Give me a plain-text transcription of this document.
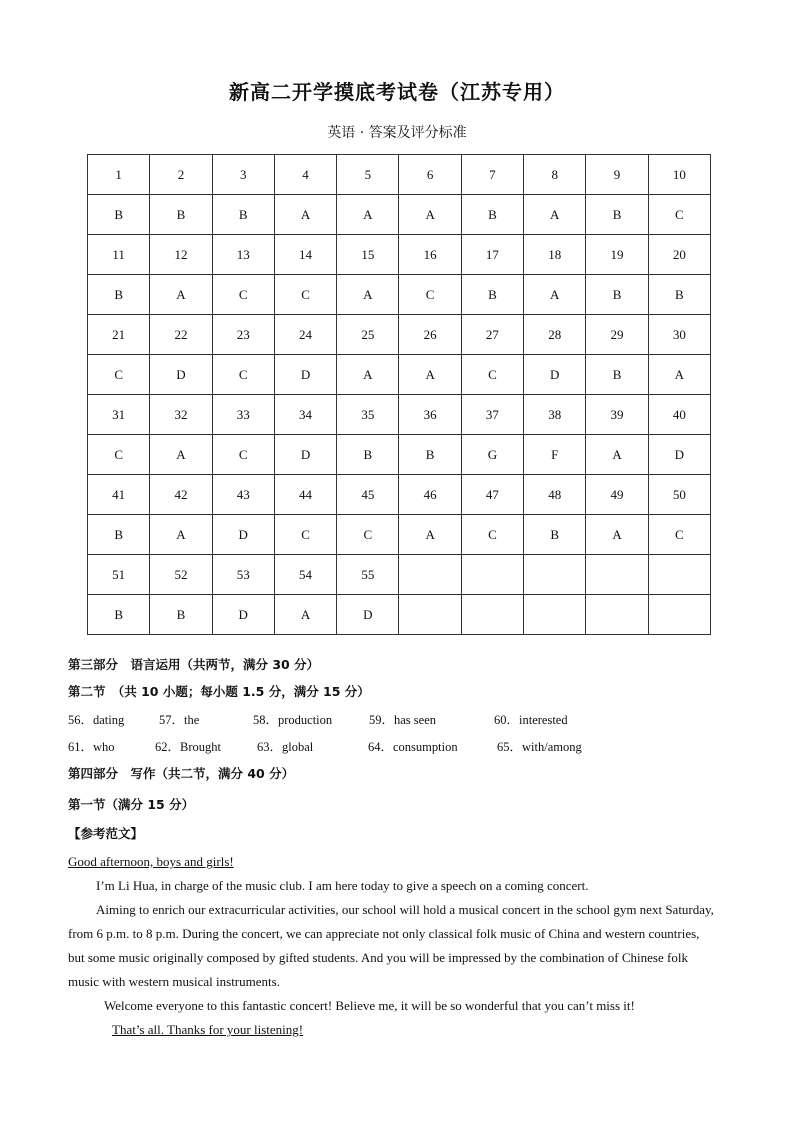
新高二开学摸底考试卷（江苏专用）
英语 · 答案及评分标准
1	2	3	4	5	6	7	8	9	10
B	B	B	A	A	A	B	A	B	C
11	12	13	14	15	16	17	18	19	20
B	A	C	C	A	C	B	A	B	B
21	22	23	24	25	26	27	28	29	30
C	D	C	D	A	A	C	D	B	A
31	32	33	34	35	36	37	38	39	40
C	A	C	D	B	B	G	F	A	D
41	42	43	44	45	46	47	48	49	50
B	A	D	C	C	A	C	B	A	C
51	52	53	54	55					
B	B	D	A	D					
第三部分　语言运用（共两节，满分 30 分）
第二节　（共 10 小题；每小题 1.5 分，满分 15 分）
56．dating	57．the	58．production	59．has seen	60．interested
61．who	62．Brought	63．global	64．consumption	65．with/among
第四部分　写作（共二节，满分 40 分）
第一节（满分 15 分）
【参考范文】

Good afternoon, boys and girls!

I’m Li Hua, in charge of the music club. I am here today to give a speech on a coming concert.

Aiming to enrich our extracurricular activities, our school will hold a musical concert in the school gym next Saturday, from 6 p.m. to 8 p.m. During the concert, we can appreciate not only classical folk music of China and western countries, but some music originally composed by gifted students. And you will be impressed by the combination of Chinese folk music with western musical instruments.

Welcome everyone to this fantastic concert! Believe me, it will be so wonderful that you can’t miss it!

That’s all. Thanks for your listening!
